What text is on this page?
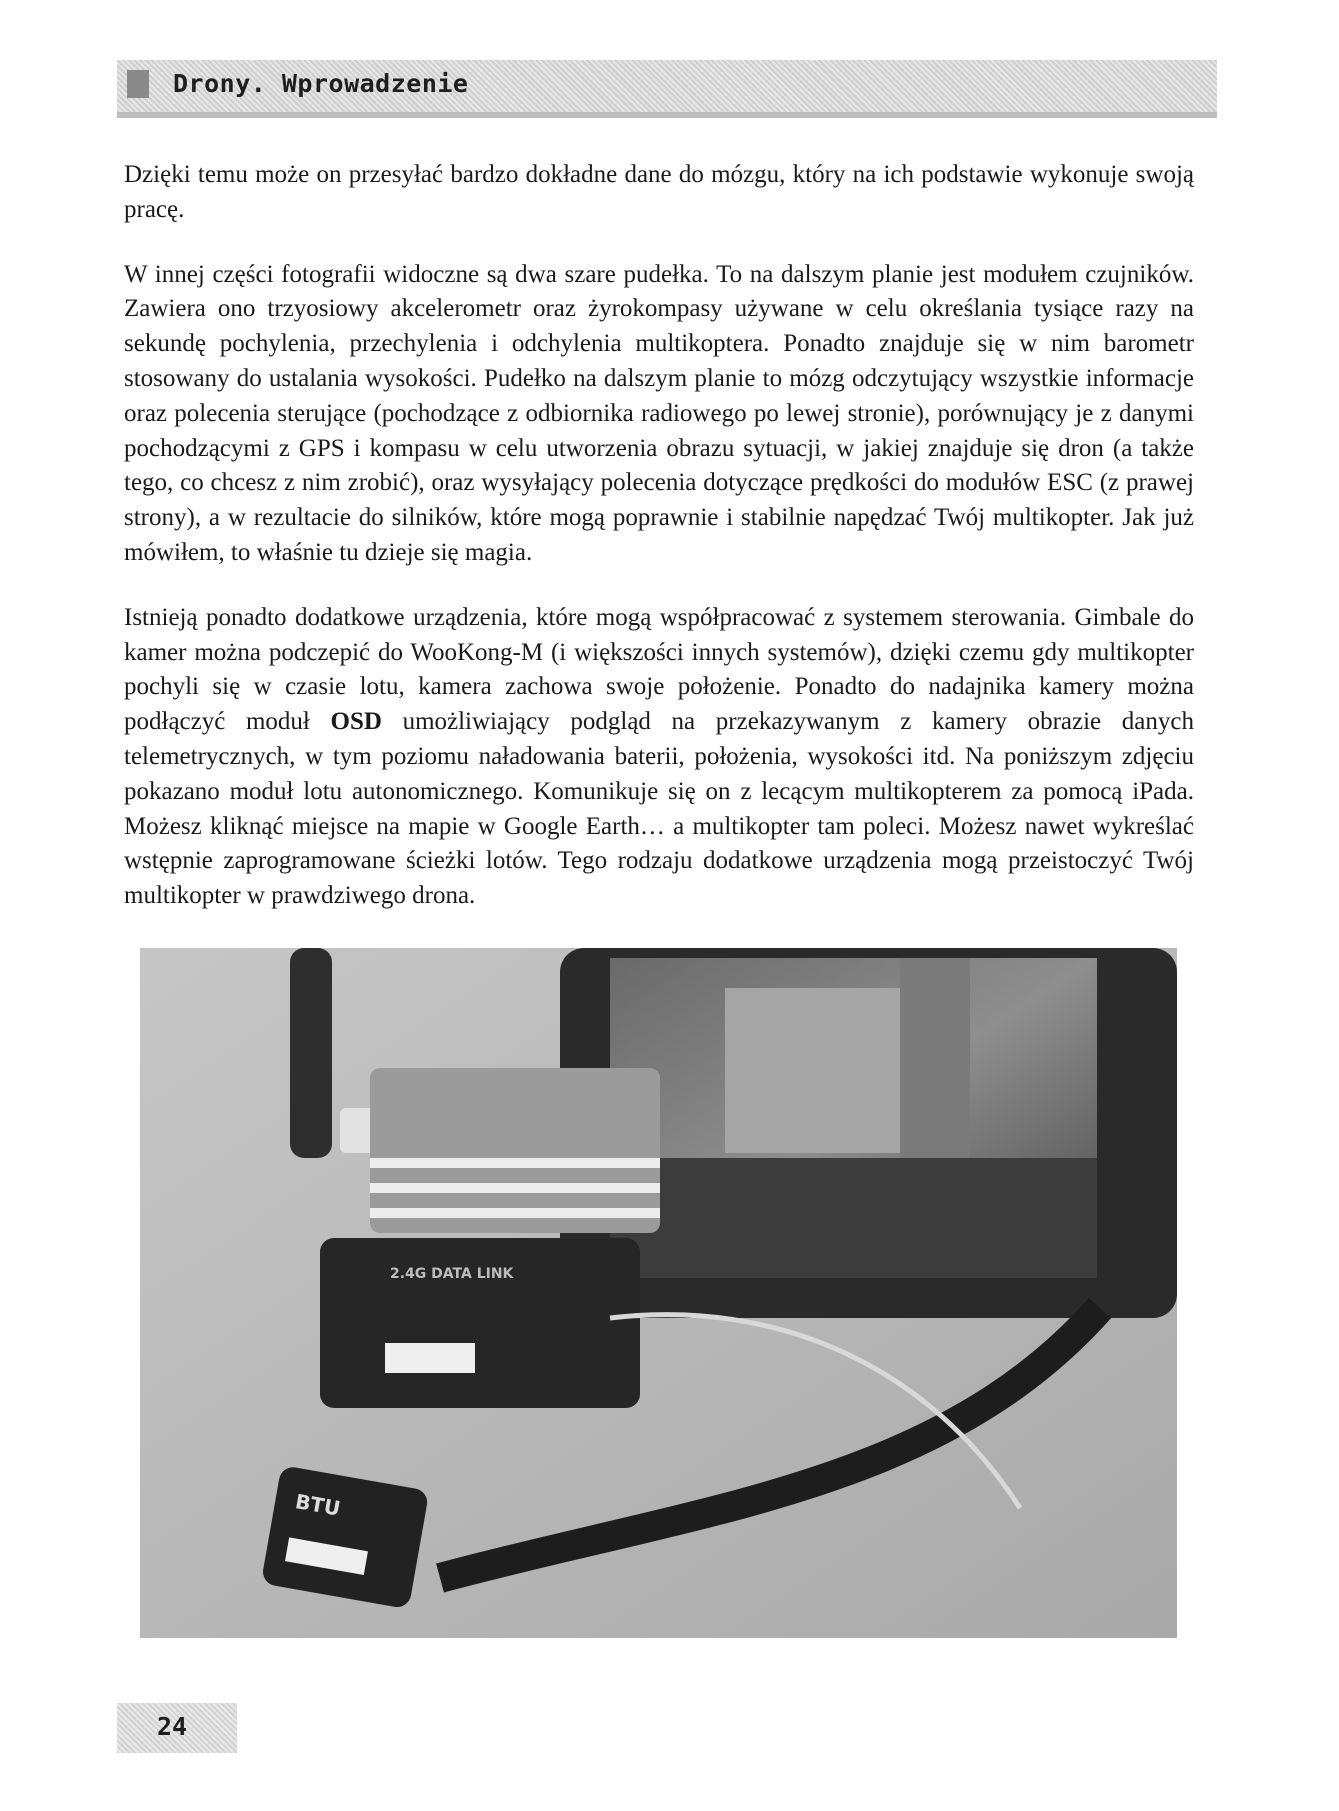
Drony. Wprowadzenie

Dzięki temu może on przesyłać bardzo dokładne dane do mózgu, który na ich podstawie wykonuje swoją pracę.

W innej części fotografii widoczne są dwa szare pudełka. To na dalszym planie jest modułem czujników. Zawiera ono trzyosiowy akcelerometr oraz żyrokompasy używane w celu określania tysiące razy na sekundę pochylenia, przechylenia i odchylenia multikoptera. Ponadto znajduje się w nim barometr stosowany do ustalania wysokości. Pudełko na dalszym planie to mózg odczytujący wszystkie informacje oraz polecenia sterujące (pochodzące z odbiornika radiowego po lewej stronie), porównujący je z danymi pochodzącymi z GPS i kompasu w celu utworzenia obrazu sytuacji, w jakiej znajduje się dron (a także tego, co chcesz z nim zrobić), oraz wysyłający polecenia dotyczące prędkości do modułów ESC (z prawej strony), a w rezultacie do silników, które mogą poprawnie i stabilnie napędzać Twój multikopter. Jak już mówiłem, to właśnie tu dzieje się magia.

Istnieją ponadto dodatkowe urządzenia, które mogą współpracować z systemem sterowania. Gimbale do kamer można podczepić do WooKong-M (i większości innych systemów), dzięki czemu gdy multikopter pochyli się w czasie lotu, kamera zachowa swoje położenie. Ponadto do nadajnika kamery można podłączyć moduł OSD umożliwiający podgląd na przekazywanym z kamery obrazie danych telemetrycznych, w tym poziomu naładowania baterii, położenia, wysokości itd. Na poniższym zdjęciu pokazano moduł lotu autonomicznego. Komunikuje się on z lecącym multikopterem za pomocą iPada. Możesz kliknąć miejsce na mapie w Google Earth… a multikopter tam poleci. Możesz nawet wykreślać wstępnie zaprogramowane ścieżki lotów. Tego rodzaju dodatkowe urządzenia mogą przeistoczyć Twój multikopter w prawdziwego drona.

2.4G DATA LINK
BTU
24
